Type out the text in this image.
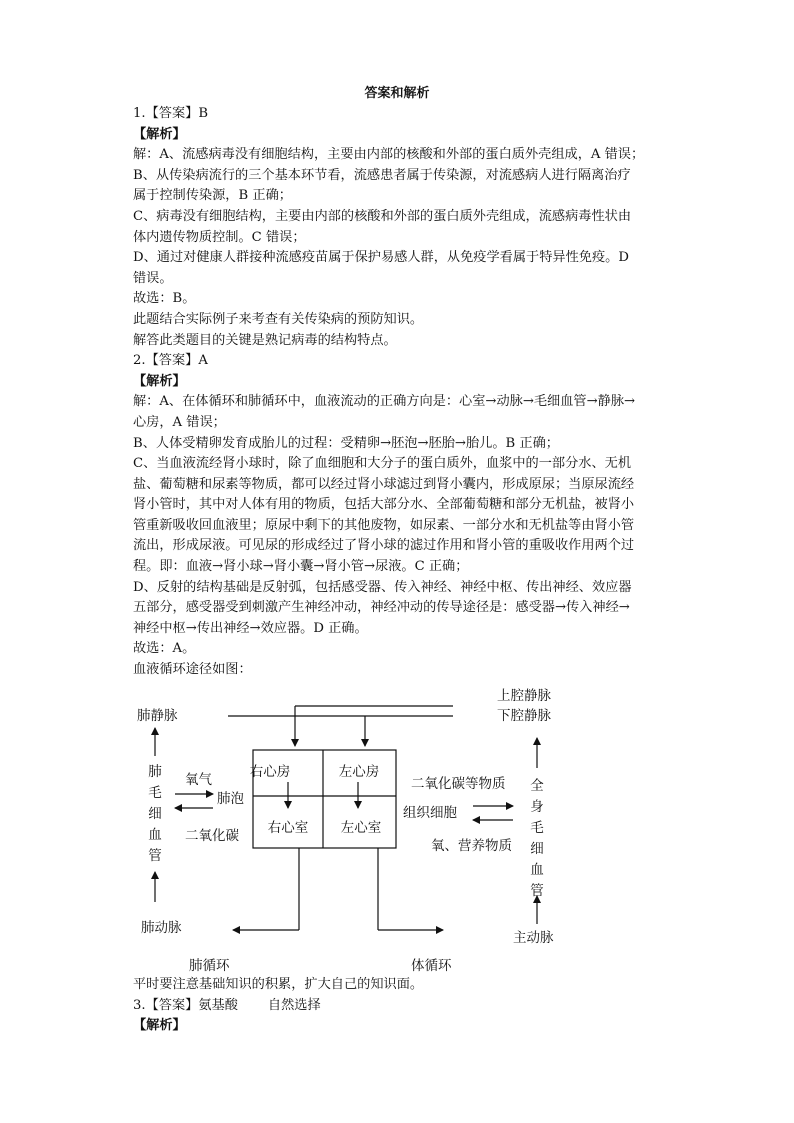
答案和解析
1.【答案】B
【解析】
解：A、流感病毒没有细胞结构，主要由内部的核酸和外部的蛋白质外壳组成，A 错误；
B、从传染病流行的三个基本环节看，流感患者属于传染源，对流感病人进行隔离治疗
属于控制传染源，B 正确；
C、病毒没有细胞结构，主要由内部的核酸和外部的蛋白质外壳组成，流感病毒性状由
体内遗传物质控制。C 错误；
D、通过对健康人群接种流感疫苗属于保护易感人群，从免疫学看属于特异性免疫。D
错误。
故选：B。
此题结合实际例子来考查有关传染病的预防知识。
解答此类题目的关键是熟记病毒的结构特点。
2.【答案】A
【解析】
解：A、在体循环和肺循环中，血液流动的正确方向是：心室→动脉→毛细血管→静脉→
心房，A 错误；
B、人体受精卵发育成胎儿的过程：受精卵→胚泡→胚胎→胎儿。B 正确；
C、当血液流经肾小球时，除了血细胞和大分子的蛋白质外，血浆中的一部分水、无机
盐、葡萄糖和尿素等物质，都可以经过肾小球滤过到肾小囊内，形成原尿；当原尿流经
肾小管时，其中对人体有用的物质，包括大部分水、全部葡萄糖和部分无机盐，被肾小
管重新吸收回血液里；原尿中剩下的其他废物，如尿素、一部分水和无机盐等由肾小管
流出，形成尿液。可见尿的形成经过了肾小球的滤过作用和肾小管的重吸收作用两个过
程。即：血液→肾小球→肾小囊→肾小管→尿液。C 正确；
D、反射的结构基础是反射弧，包括感受器、传入神经、神经中枢、传出神经、效应器
五部分，感受器受到刺激产生神经冲动，神经冲动的传导途径是：感受器→传入神经→
神经中枢→传出神经→效应器。D 正确。
故选：A。
血液循环途径如图：
右心房	左心房
右心室 左心室
肺静脉
肺
毛
细
血
管
氧气
肺泡
二氧化碳
肺动脉
肺循环
上腔静脉
下腔静脉
二氧化碳等物质
组织细胞
氧、营养物质
全
身
毛
细
血
管
主动脉
体循环
平时要注意基础知识的积累，扩大自己的知识面。
3.【答案】氨基酸 自然选择
【解析】
